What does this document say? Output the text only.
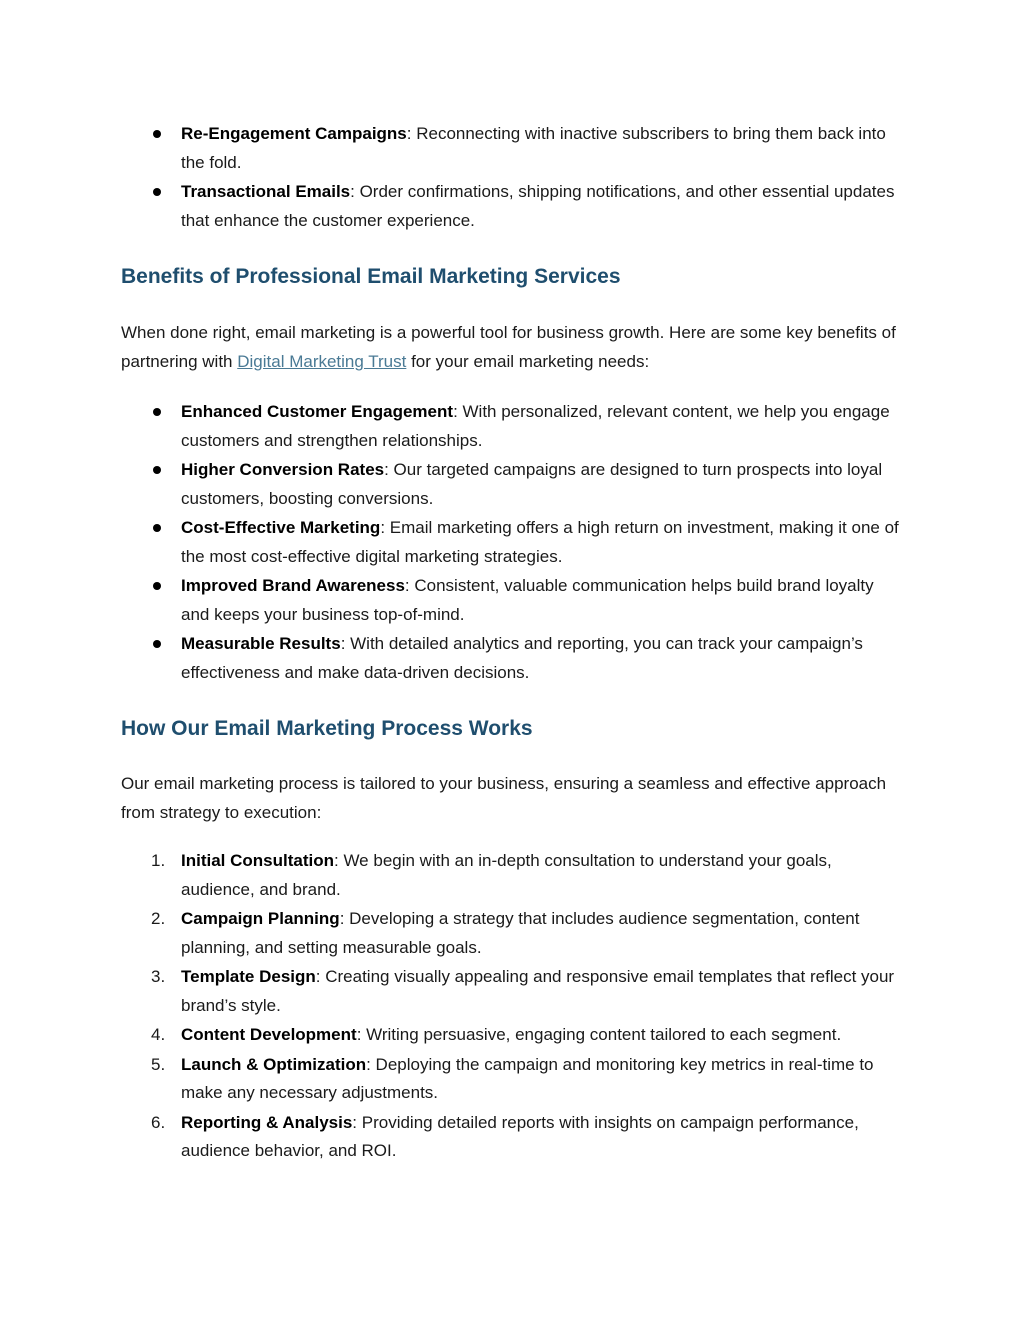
Re-Engagement Campaigns: Reconnecting with inactive subscribers to bring them back into the fold.
Transactional Emails: Order confirmations, shipping notifications, and other essential updates that enhance the customer experience.
Benefits of Professional Email Marketing Services

When done right, email marketing is a powerful tool for business growth. Here are some key benefits of partnering with Digital Marketing Trust for your email marketing needs:

Enhanced Customer Engagement: With personalized, relevant content, we help you engage customers and strengthen relationships.
Higher Conversion Rates: Our targeted campaigns are designed to turn prospects into loyal customers, boosting conversions.
Cost-Effective Marketing: Email marketing offers a high return on investment, making it one of the most cost-effective digital marketing strategies.
Improved Brand Awareness: Consistent, valuable communication helps build brand loyalty and keeps your business top-of-mind.
Measurable Results: With detailed analytics and reporting, you can track your campaign’s effectiveness and make data-driven decisions.
How Our Email Marketing Process Works

Our email marketing process is tailored to your business, ensuring a seamless and effective approach from strategy to execution:

1. Initial Consultation: We begin with an in-depth consultation to understand your goals, audience, and brand.
2. Campaign Planning: Developing a strategy that includes audience segmentation, content planning, and setting measurable goals.
3. Template Design: Creating visually appealing and responsive email templates that reflect your brand’s style.
4. Content Development: Writing persuasive, engaging content tailored to each segment.
5. Launch & Optimization: Deploying the campaign and monitoring key metrics in real-time to make any necessary adjustments.
6. Reporting & Analysis: Providing detailed reports with insights on campaign performance, audience behavior, and ROI.
